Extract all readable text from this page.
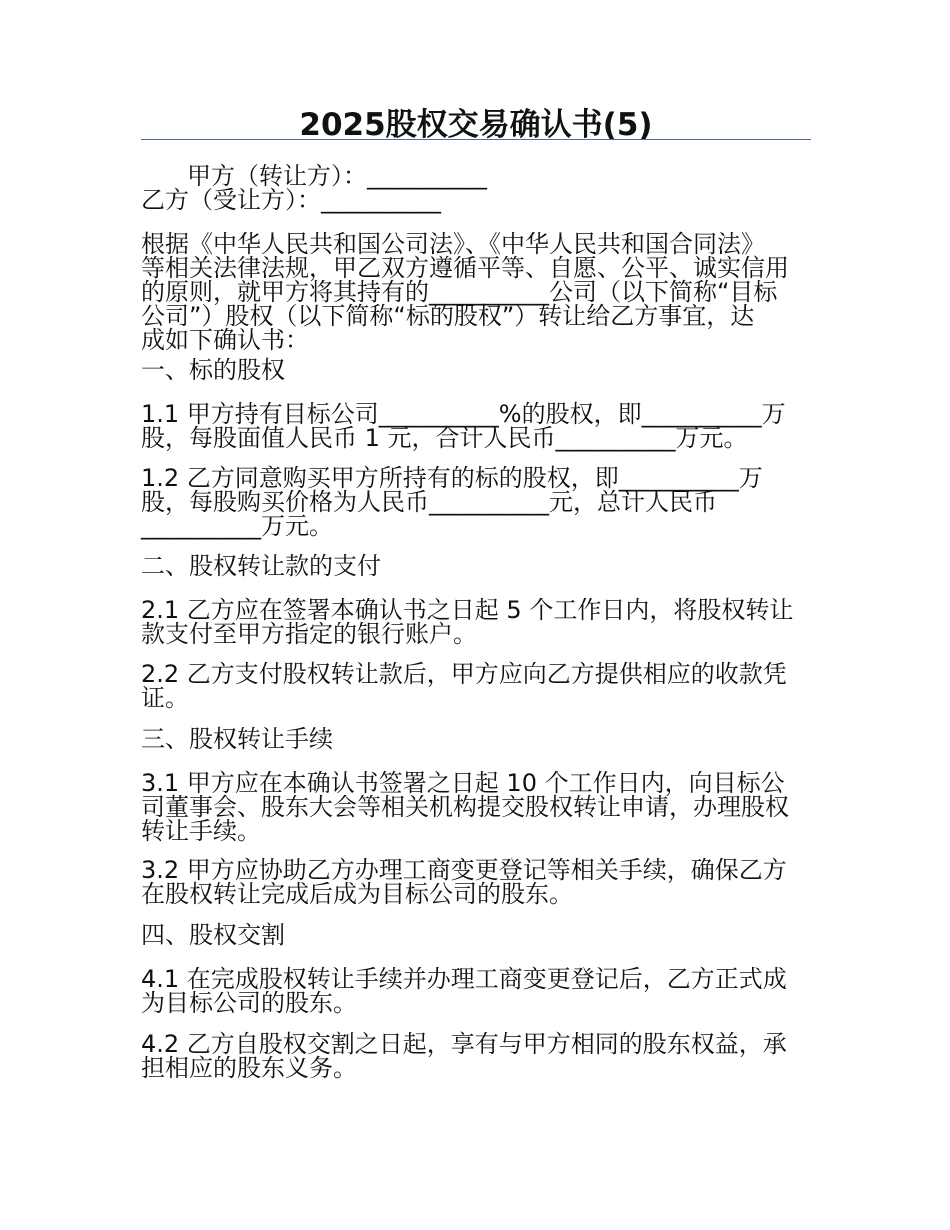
2025股权交易确认书(5)
甲方（转让方）：__________
乙方（受让方）：__________

根据《中华人民共和国公司法》、《中华人民共和国合同法》

等相关法律法规，甲乙双方遵循平等、自愿、公平、诚实信用

的原则，就甲方将其持有的__________公司（以下简称“目标

公司”）股权（以下简称“标的股权”）转让给乙方事宜，达

成如下确认书：

一、标的股权

1.1 甲方持有目标公司__________%的股权，即__________万

股，每股面值人民币 1 元，合计人民币__________万元。

1.2 乙方同意购买甲方所持有的标的股权，即__________万

股，每股购买价格为人民币__________元，总计人民币

__________万元。

二、股权转让款的支付

2.1 乙方应在签署本确认书之日起 5 个工作日内，将股权转让

款支付至甲方指定的银行账户。

2.2 乙方支付股权转让款后，甲方应向乙方提供相应的收款凭

证。

三、股权转让手续

3.1 甲方应在本确认书签署之日起 10 个工作日内，向目标公

司董事会、股东大会等相关机构提交股权转让申请，办理股权

转让手续。

3.2 甲方应协助乙方办理工商变更登记等相关手续，确保乙方

在股权转让完成后成为目标公司的股东。

四、股权交割

4.1 在完成股权转让手续并办理工商变更登记后，乙方正式成

为目标公司的股东。

4.2 乙方自股权交割之日起，享有与甲方相同的股东权益，承

担相应的股东义务。
